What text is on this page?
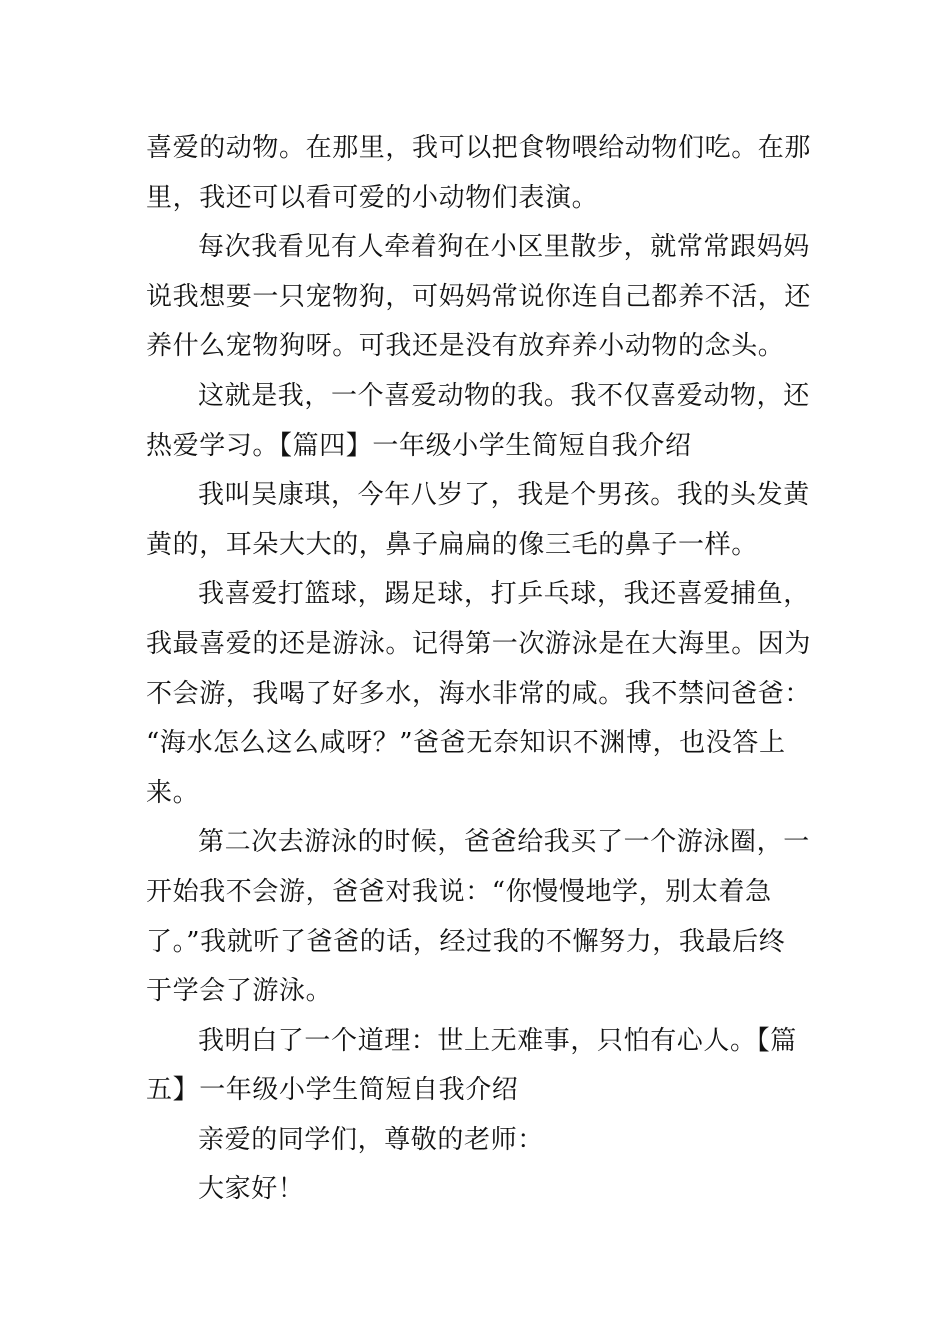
喜爱的动物。在那里，我可以把食物喂给动物们吃。在那
里，我还可以看可爱的小动物们表演。
每次我看见有人牵着狗在小区里散步，就常常跟妈妈
说我想要一只宠物狗，可妈妈常说你连自己都养不活，还
养什么宠物狗呀。可我还是没有放弃养小动物的念头。
这就是我，一个喜爱动物的我。我不仅喜爱动物，还
热爱学习。【篇四】一年级小学生简短自我介绍
我叫吴康琪，今年八岁了，我是个男孩。我的头发黄
黄的，耳朵大大的，鼻子扁扁的像三毛的鼻子一样。
我喜爱打篮球，踢足球，打乒乓球，我还喜爱捕鱼，
我最喜爱的还是游泳。记得第一次游泳是在大海里。因为
不会游，我喝了好多水，海水非常的咸。我不禁问爸爸：
“海水怎么这么咸呀？”爸爸无奈知识不渊博，也没答上
来。
第二次去游泳的时候，爸爸给我买了一个游泳圈，一
开始我不会游，爸爸对我说：“你慢慢地学，别太着急
了。”我就听了爸爸的话，经过我的不懈努力，我最后终
于学会了游泳。
我明白了一个道理：世上无难事，只怕有心人。【篇
五】一年级小学生简短自我介绍
亲爱的同学们，尊敬的老师：
大家好！
